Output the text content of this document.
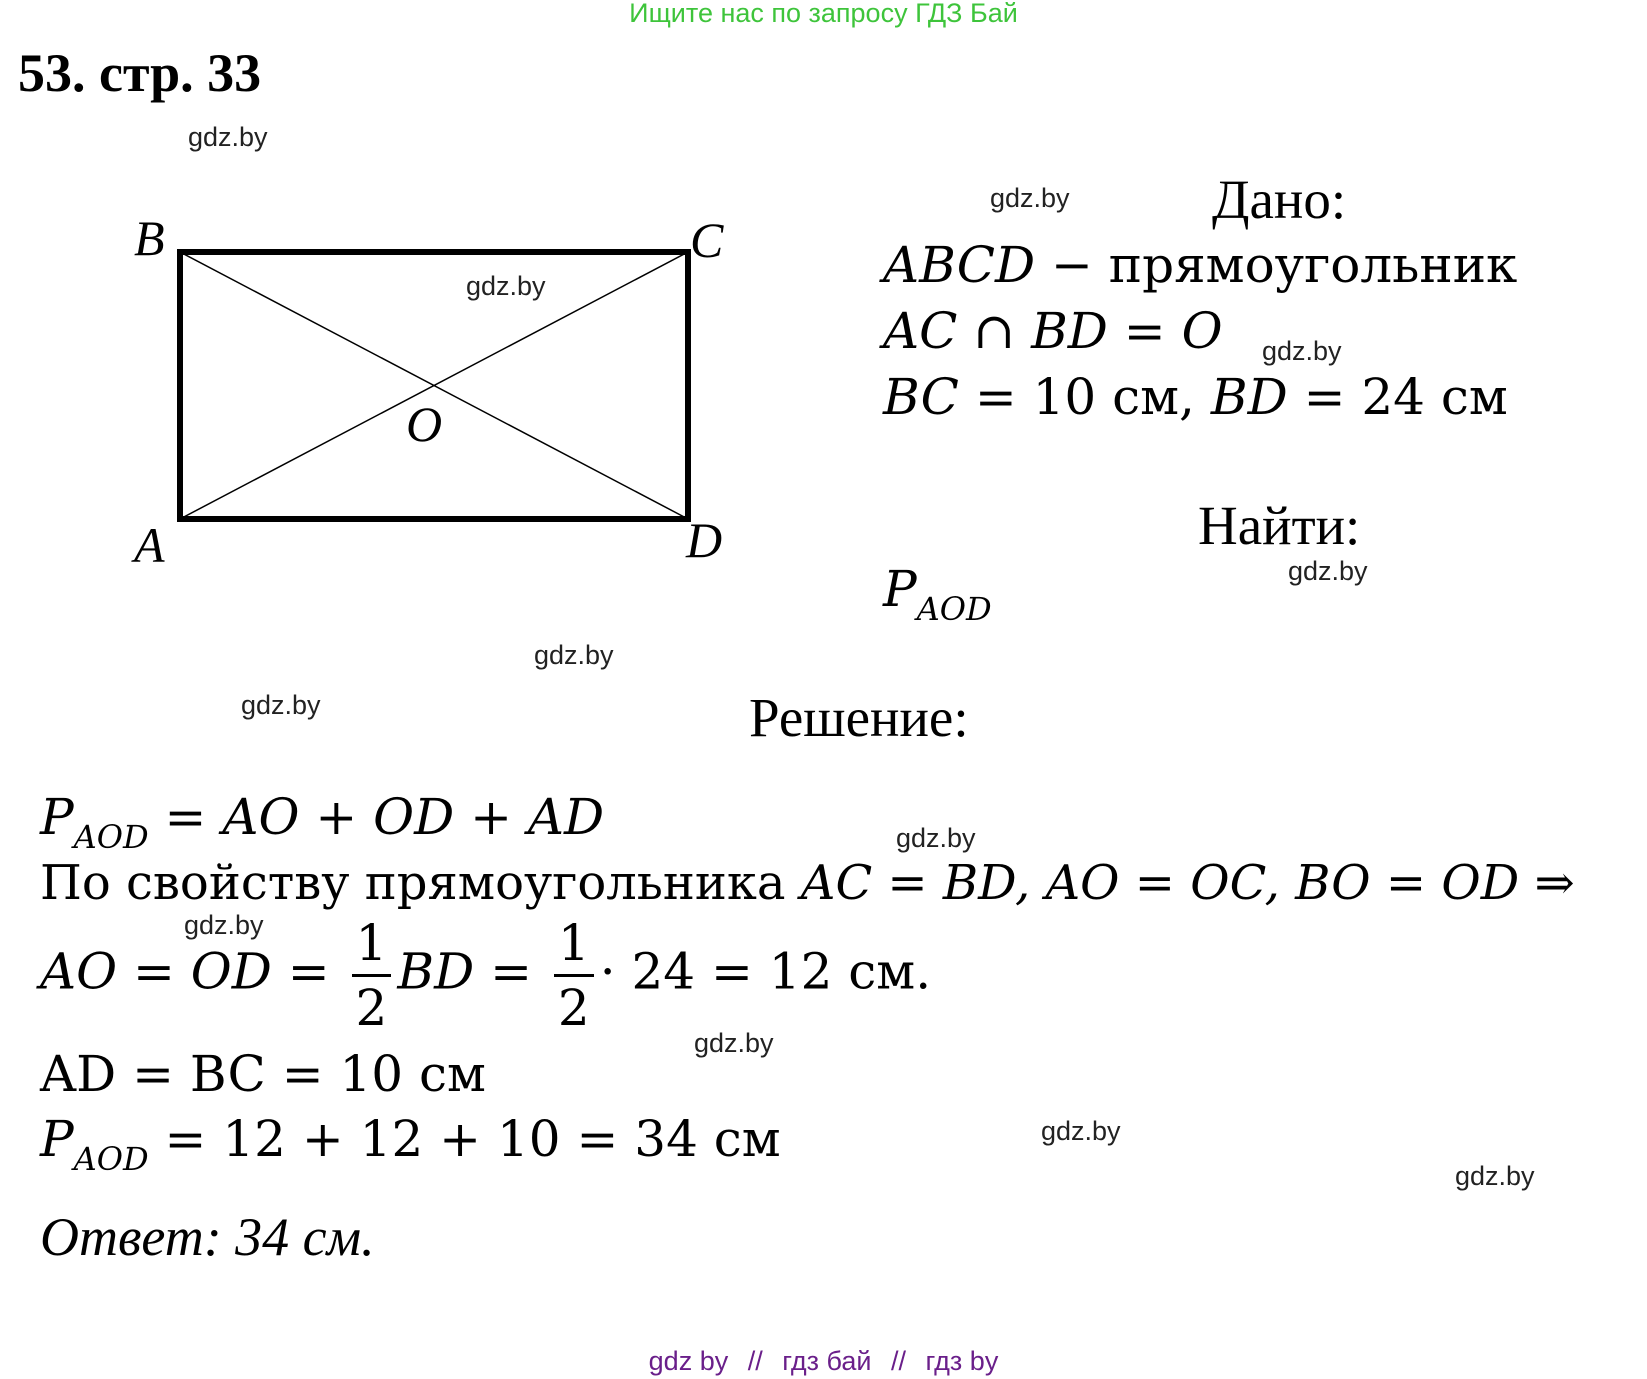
Ищите нас по запросу ГДЗ Бай
53. стр. 33
gdz.by
gdz.by
gdz.by
gdz.by
gdz.by
gdz.by
gdz.by
gdz.by
gdz.by
gdz.by
gdz.by
gdz.by
B	C
O
A	D
Дано:
ABCD − прямоугольник
AC ∩ BD = O
BC = 10 см, BD = 24 см
Найти:
$P_{AOD}$
Решение:
$P_{AOD}$ = AO + OD + AD
По свойству прямоугольника AC = BD, AO = OC, BO = OD ⇒
AO = OD = $\frac{1}{2}$ BD = $\frac{1}{2} \cdot 24 = 12$ см.
AD = BC = 10 см
$P_{AOD} = 12 + 12 + 10 = 34$ см
Ответ: 34 см.
gdz by // гдз бай // гдз by
